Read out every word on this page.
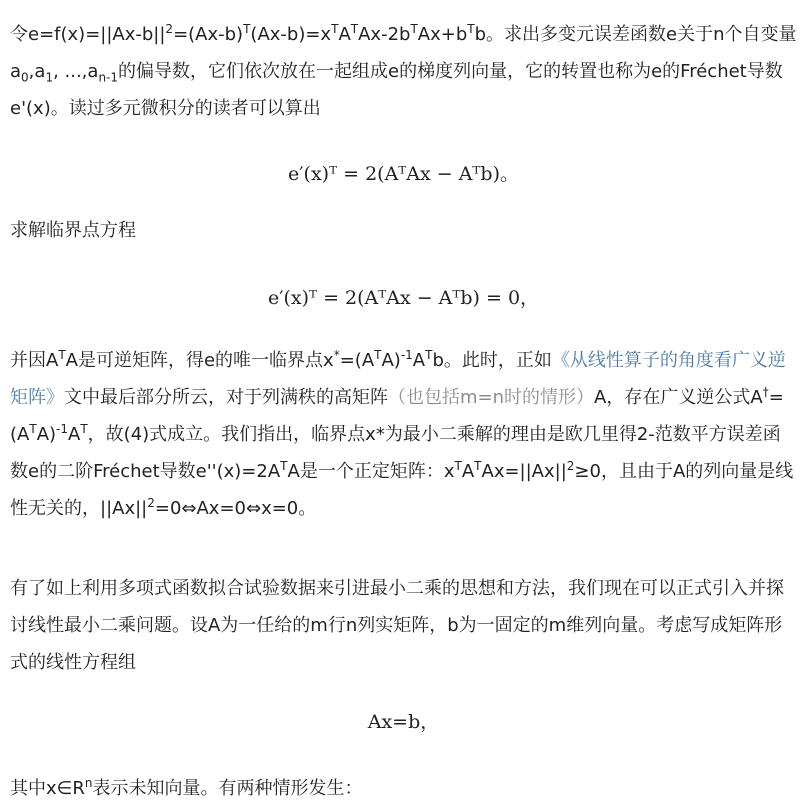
令$e=f(x)=||Ax-b||^2=(Ax-b)^T(Ax-b)=x^TA^TAx-2b^TAx+b^Tb$。求出多变元误差函数e关于n个自变量$a_0,a_1$, $...,a_{n-1}$的偏导数，它们依次放在一起组成e的梯度列向量，它的转置也称为e的Fréchet导数e'(x)。读过多元微积分的读者可以算出

e′(x)ᵀ = 2(AᵀAx − Aᵀb)。

求解临界点方程

e′(x)ᵀ = 2(AᵀAx − Aᵀb) = 0，

并因$A^TA$是可逆矩阵，得e的唯一临界点$x^*=(A^TA)^{-1}A^Tb$。此时，正如《从线性算子的角度看广义逆矩阵》文中最后部分所云，对于列满秩的高矩阵（也包括m=n时的情形）A，存在广义逆公式$A^\dagger=(A^TA)^{-1}A^T$，故(4)式成立。我们指出，临界点x*为最小二乘解的理由是欧几里得2-范数平方误差函数e的二阶Fréchet导数$e''(x)=2A^TA$是一个正定矩阵：$x^TA^TAx=||Ax||^2\ge 0$，且由于A的列向量是线性无关的，$||Ax||^2=0\Leftrightarrow Ax=0\Leftrightarrow x=0$。

有了如上利用多项式函数拟合试验数据来引进最小二乘的思想和方法，我们现在可以正式引入并探讨线性最小二乘问题。设A为一任给的m行n列实矩阵，b为一固定的m维列向量。考虑写成矩阵形式的线性方程组

Ax=b，

其中$x\in R^n$表示未知向量。有两种情形发生：
